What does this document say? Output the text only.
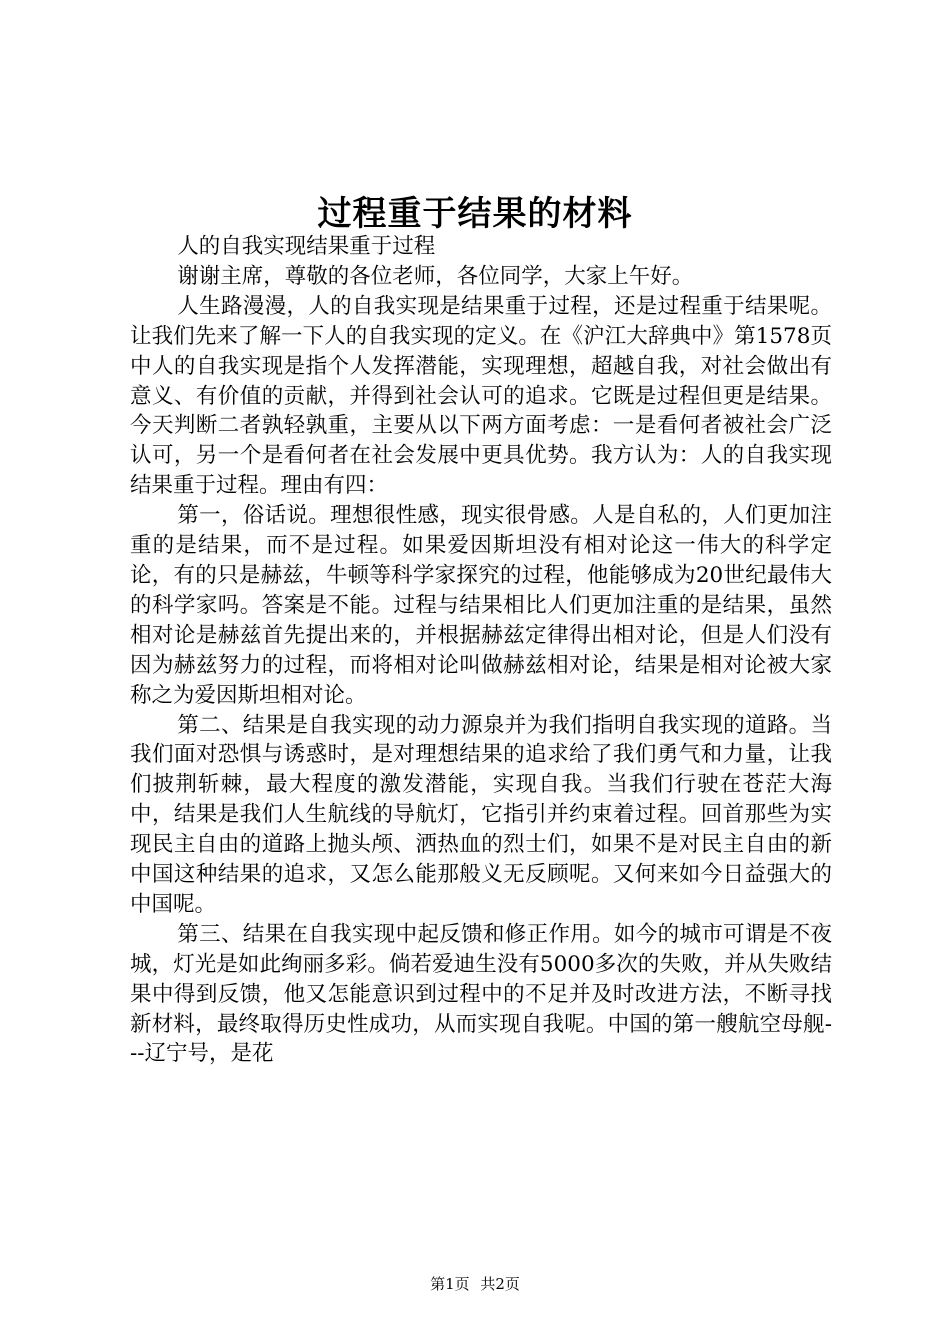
过程重于结果的材料

人的自我实现结果重于过程

谢谢主席，尊敬的各位老师，各位同学，大家上午好。

人生路漫漫，人的自我实现是结果重于过程，还是过程重于结果呢。让我们先来了解一下人的自我实现的定义。在《沪江大辞典中》第1578页中人的自我实现是指个人发挥潜能，实现理想，超越自我，对社会做出有意义、有价值的贡献，并得到社会认可的追求。它既是过程但更是结果。今天判断二者孰轻孰重，主要从以下两方面考虑：一是看何者被社会广泛认可，另一个是看何者在社会发展中更具优势。我方认为：人的自我实现结果重于过程。理由有四：

第一，俗话说。理想很性感，现实很骨感。人是自私的，人们更加注重的是结果，而不是过程。如果爱因斯坦没有相对论这一伟大的科学定论，有的只是赫兹，牛顿等科学家探究的过程，他能够成为20世纪最伟大的科学家吗。答案是不能。过程与结果相比人们更加注重的是结果，虽然相对论是赫兹首先提出来的，并根据赫兹定律得出相对论，但是人们没有因为赫兹努力的过程，而将相对论叫做赫兹相对论，结果是相对论被大家称之为爱因斯坦相对论。

第二、结果是自我实现的动力源泉并为我们指明自我实现的道路。当我们面对恐惧与诱惑时，是对理想结果的追求给了我们勇气和力量，让我们披荆斩棘，最大程度的激发潜能，实现自我。当我们行驶在苍茫大海中，结果是我们人生航线的导航灯，它指引并约束着过程。回首那些为实现民主自由的道路上抛头颅、洒热血的烈士们，如果不是对民主自由的新中国这种结果的追求，又怎么能那般义无反顾呢。又何来如今日益强大的中国呢。

第三、结果在自我实现中起反馈和修正作用。如今的城市可谓是不夜城，灯光是如此绚丽多彩。倘若爱迪生没有5000多次的失败，并从失败结果中得到反馈，他又怎能意识到过程中的不足并及时改进方法，不断寻找新材料，最终取得历史性成功，从而实现自我呢。中国的第一艘航空母舰---辽宁号，是花

第1页 共2页
